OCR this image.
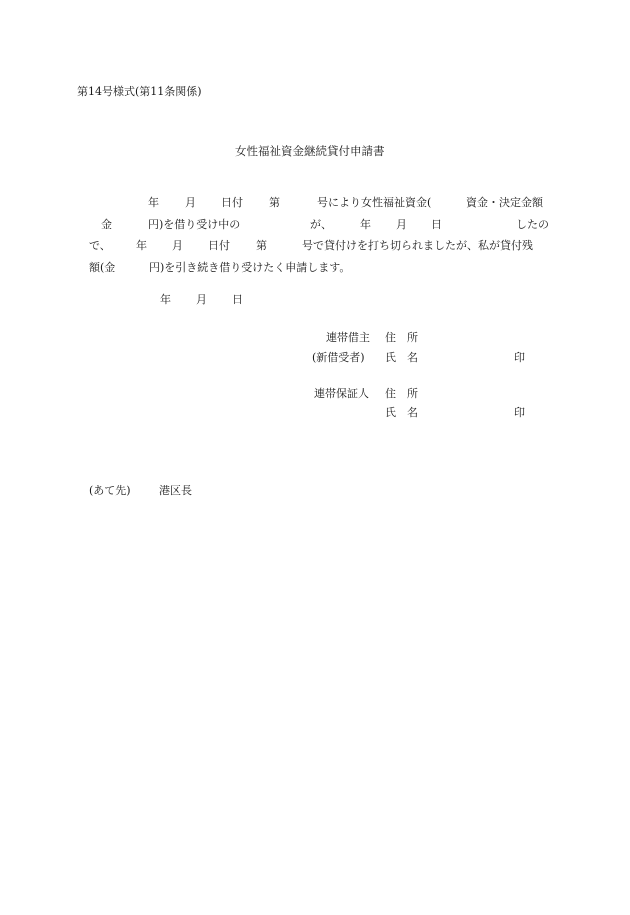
第14号様式(第11条関係)
女性福祉資金継続貸付申請書
年 月 日付 第	号により女性福祉資金(	資金・決定金額
金	円)を借り受け中の	が、	年 月 日	したの
で、 年 月 日付 第	号で貸付けを打ち切られましたが、私が貸付残
額(金	円)を引き続き借り受けたく申請します。
年 月 日
連帯借主 住　所
(新借受者) 氏　名	印
連帯保証人 住　所
氏　名	印
(あて先)	港区長
